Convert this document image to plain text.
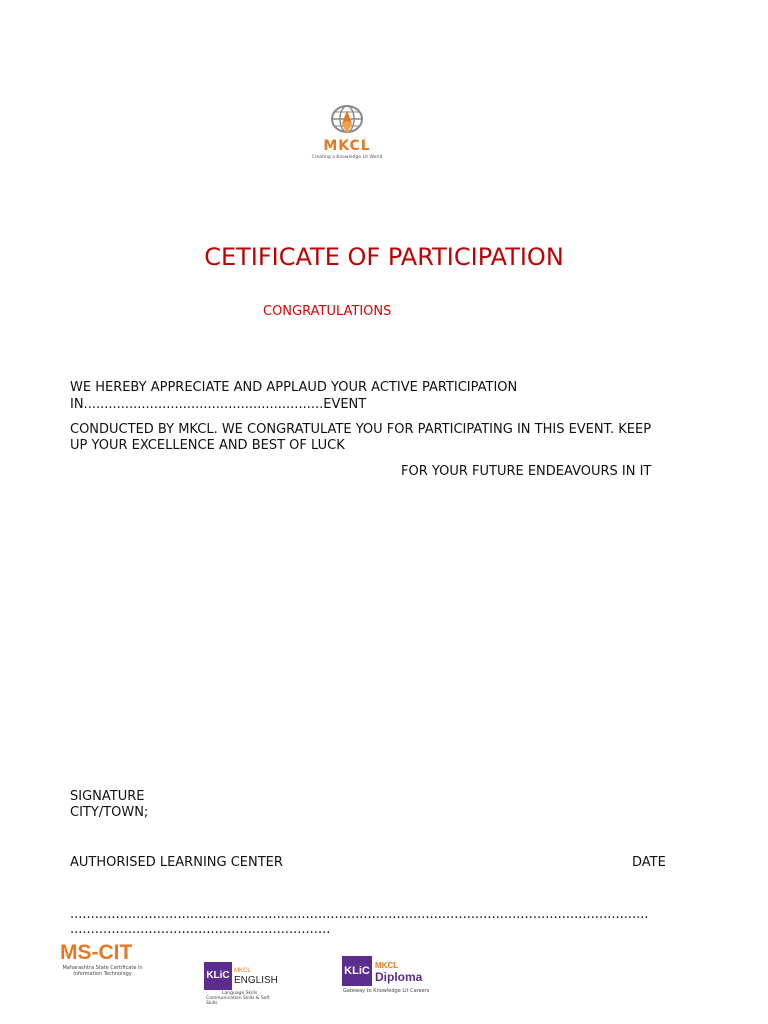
MKCL
Creating a Knowledge Lit World
CETIFICATE OF PARTICIPATION
CONGRATULATIONS
WE HEREBY APPRECIATE AND APPLAUD YOUR ACTIVE PARTICIPATION
IN..........................................................EVENT
CONDUCTED BY MKCL. WE CONGRATULATE YOU FOR PARTICIPATING IN THIS EVENT. KEEP
UP YOUR EXCELLENCE AND BEST OF LUCK
FOR YOUR FUTURE ENDEAVOURS IN IT
SIGNATURE
CITY/TOWN;
AUTHORISED LEARNING CENTER	DATE
............................................................................................................................................
...............................................................
MS-CIT
Maharashtra State Certificate in
Information Technology	KLiC MKCL
ENGLISH
Language Skills
Communication Skills & Soft Skills
KLiC MKCL
Diploma
Gateway to Knowledge Lit Careers
